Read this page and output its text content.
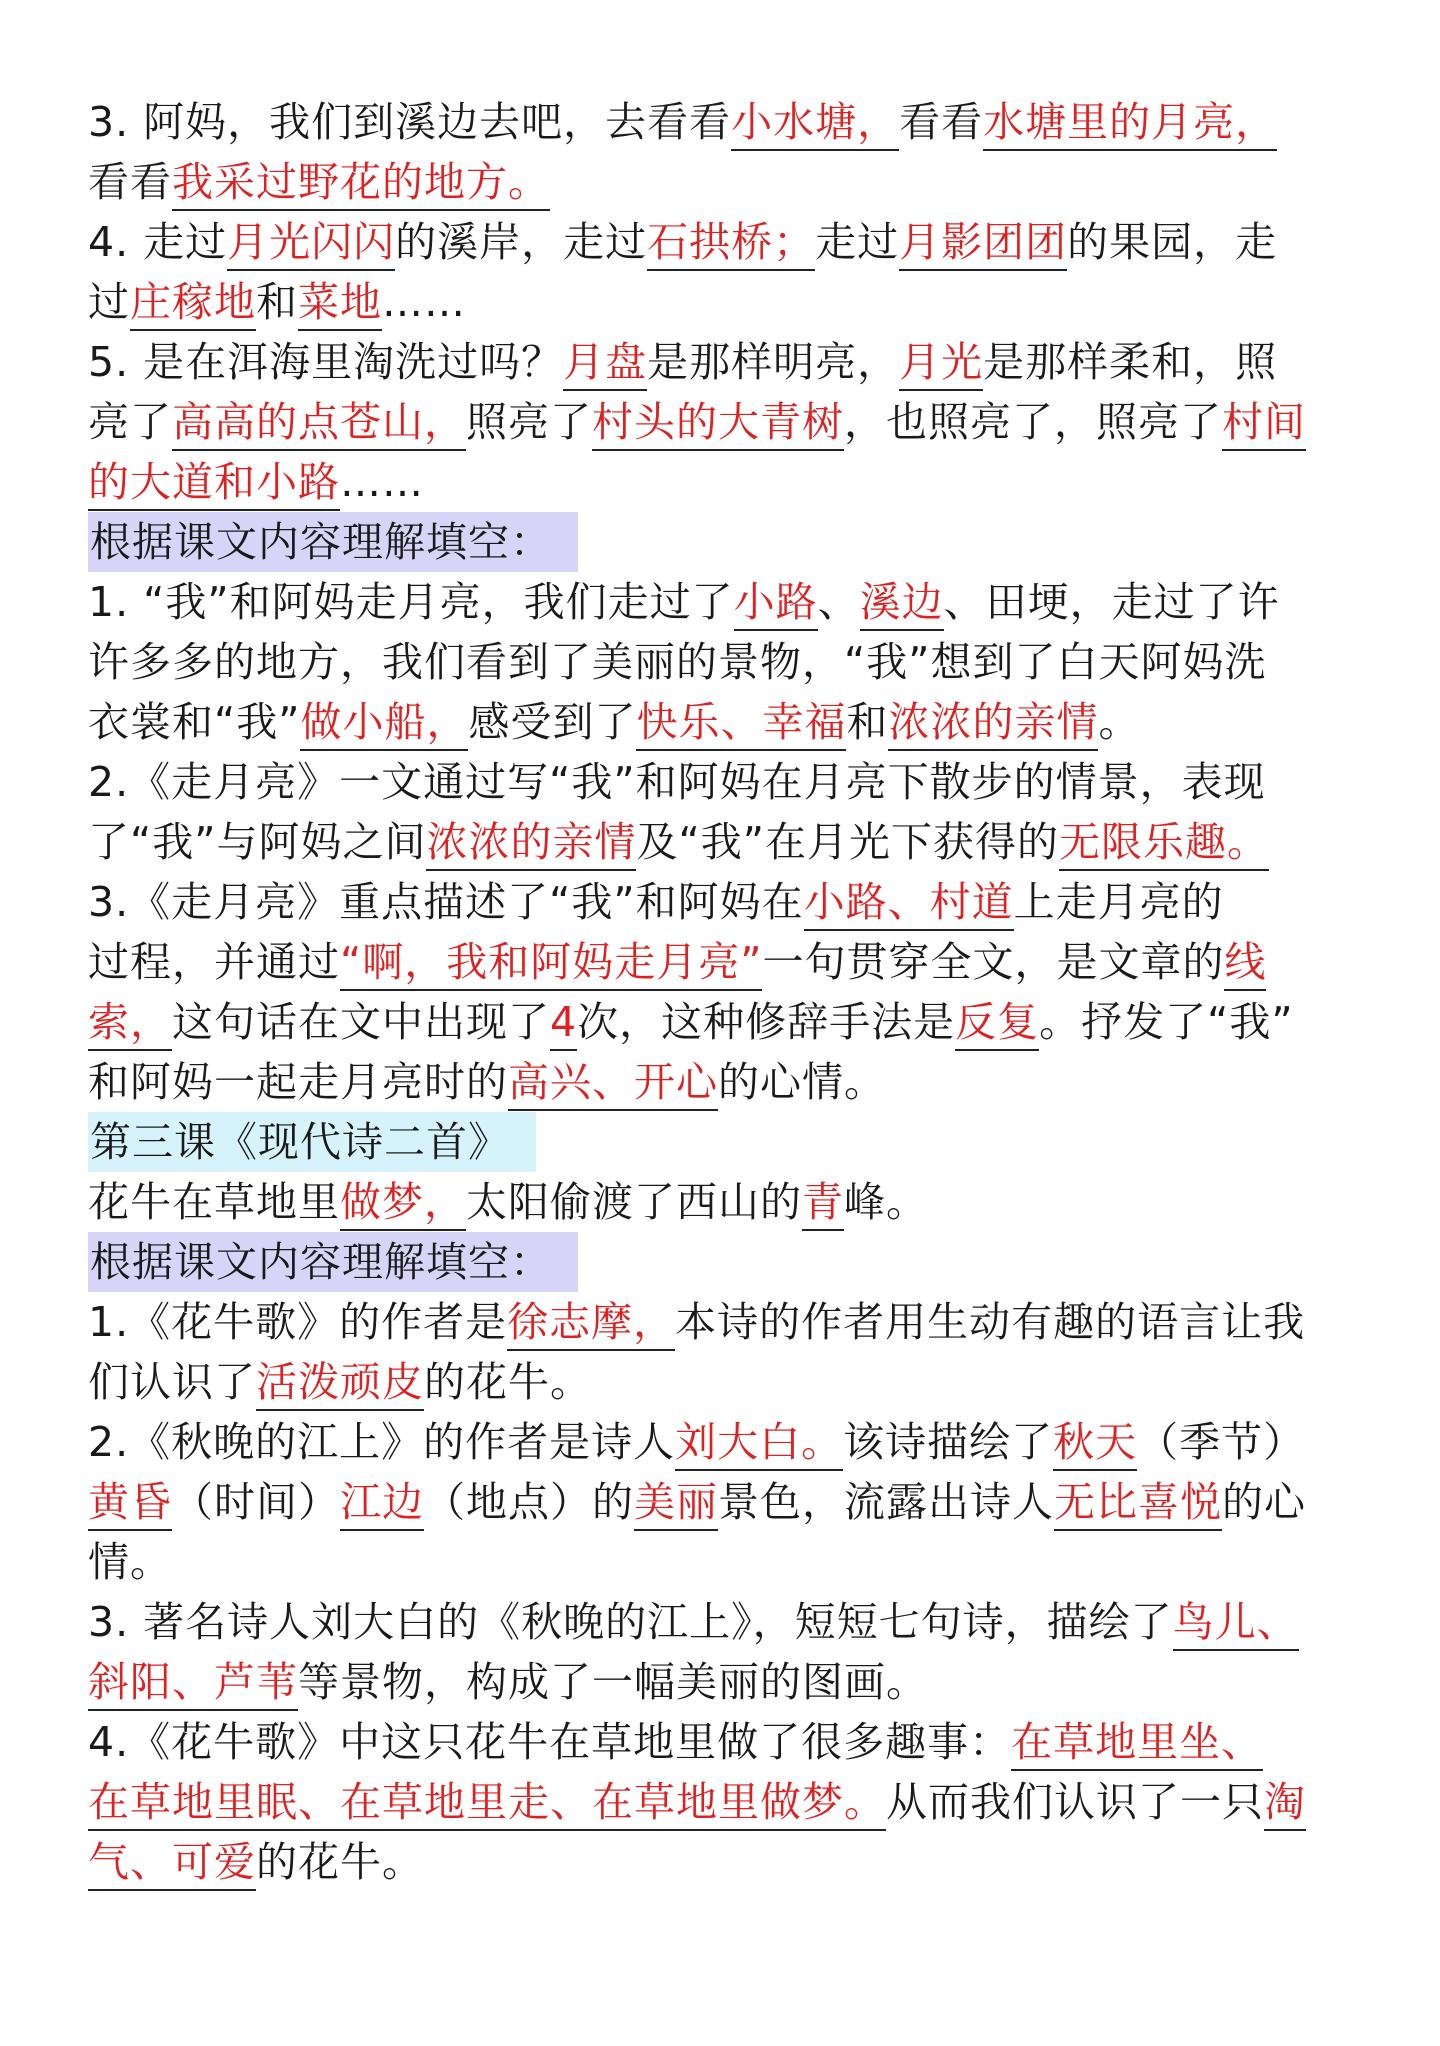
3. 阿妈，我们到溪边去吧，去看看小水塘，看看水塘里的月亮，
看看我采过野花的地方。
4. 走过月光闪闪的溪岸，走过石拱桥；走过月影团团的果园，走
过庄稼地和菜地……
5. 是在洱海里淘洗过吗？月盘是那样明亮，月光是那样柔和，照
亮了高高的点苍山，照亮了村头的大青树，也照亮了，照亮了村间
的大道和小路……
根据课文内容理解填空：
1. “我”和阿妈走月亮，我们走过了小路、溪边、田埂，走过了许
许多多的地方，我们看到了美丽的景物，“我”想到了白天阿妈洗
衣裳和“我”做小船，感受到了快乐、幸福和浓浓的亲情。
2.《走月亮》一文通过写“我”和阿妈在月亮下散步的情景，表现
了“我”与阿妈之间浓浓的亲情及“我”在月光下获得的无限乐趣。
3.《走月亮》重点描述了“我”和阿妈在小路、村道上走月亮的
过程，并通过“啊，我和阿妈走月亮”一句贯穿全文，是文章的线
索，这句话在文中出现了4次，这种修辞手法是反复。抒发了“我”
和阿妈一起走月亮时的高兴、开心的心情。
第三课《现代诗二首》
花牛在草地里做梦，太阳偷渡了西山的青峰。
根据课文内容理解填空：
1.《花牛歌》的作者是徐志摩，本诗的作者用生动有趣的语言让我
们认识了活泼顽皮的花牛。
2.《秋晚的江上》的作者是诗人刘大白。该诗描绘了秋天（季节）
黄昏（时间）江边（地点）的美丽景色，流露出诗人无比喜悦的心
情。
3. 著名诗人刘大白的《秋晚的江上》，短短七句诗，描绘了鸟儿、
斜阳、芦苇等景物，构成了一幅美丽的图画。
4.《花牛歌》中这只花牛在草地里做了很多趣事：在草地里坐、
在草地里眠、在草地里走、在草地里做梦。从而我们认识了一只淘
气、可爱的花牛。
